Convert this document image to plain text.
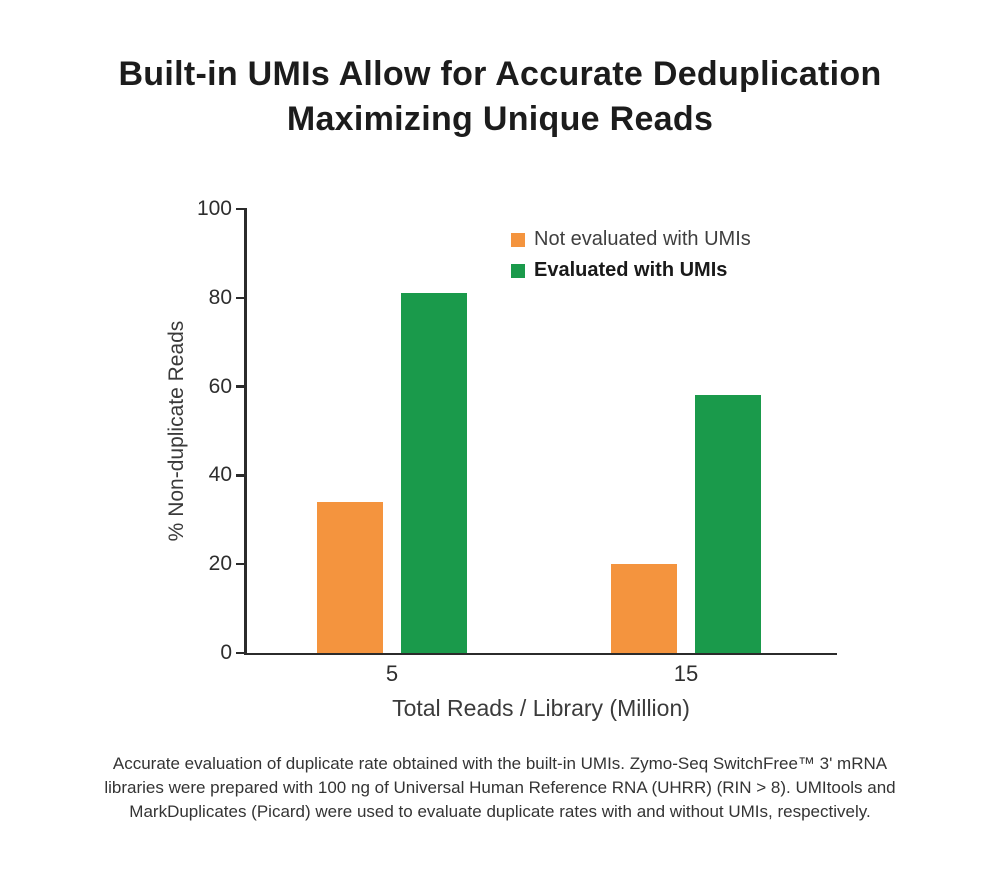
Built-in UMIs Allow for Accurate Deduplication
Maximizing Unique Reads
% Non-duplicate Reads
0
20
40
60
80
100
5	15
Total Reads / Library (Million)
Not evaluated with UMIs
Evaluated with UMIs

Accurate evaluation of duplicate rate obtained with the built-in UMIs. Zymo-Seq SwitchFree™ 3' mRNA
libraries were prepared with 100 ng of Universal Human Reference RNA (UHRR) (RIN > 8). UMItools and
MarkDuplicates (Picard) were used to evaluate duplicate rates with and without UMIs, respectively.
